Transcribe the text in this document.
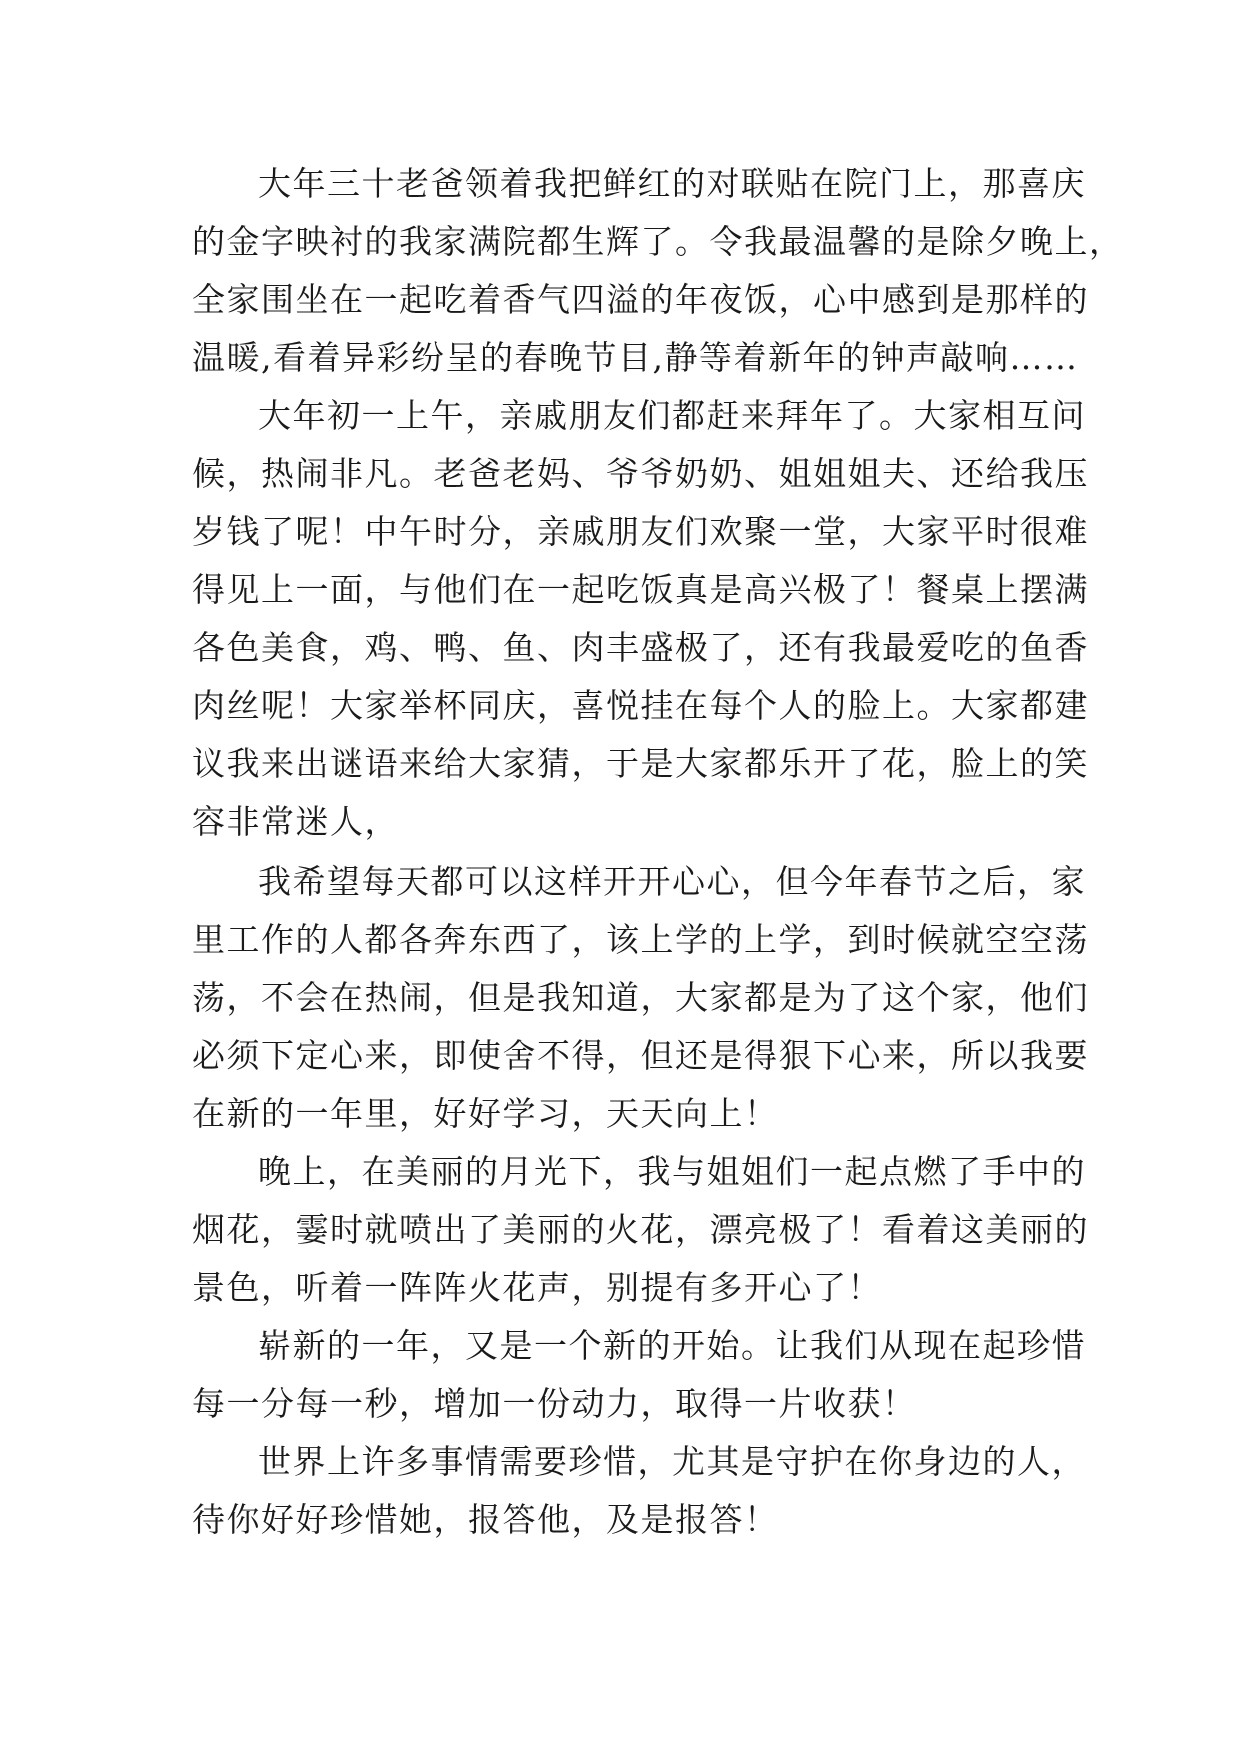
大年三十老爸领着我把鲜红的对联贴在院门上，那喜庆
的金字映衬的我家满院都生辉了。令我最温馨的是除夕晚上，
全家围坐在一起吃着香气四溢的年夜饭，心中感到是那样的
温暖,看着异彩纷呈的春晚节目,静等着新年的钟声敲响……
大年初一上午，亲戚朋友们都赶来拜年了。大家相互问
候，热闹非凡。老爸老妈、爷爷奶奶、姐姐姐夫、还给我压
岁钱了呢！中午时分，亲戚朋友们欢聚一堂，大家平时很难
得见上一面，与他们在一起吃饭真是高兴极了！餐桌上摆满
各色美食，鸡、鸭、鱼、肉丰盛极了，还有我最爱吃的鱼香
肉丝呢！大家举杯同庆，喜悦挂在每个人的脸上。大家都建
议我来出谜语来给大家猜，于是大家都乐开了花，脸上的笑
容非常迷人，
我希望每天都可以这样开开心心，但今年春节之后，家
里工作的人都各奔东西了，该上学的上学，到时候就空空荡
荡，不会在热闹，但是我知道，大家都是为了这个家，他们
必须下定心来，即使舍不得，但还是得狠下心来，所以我要
在新的一年里，好好学习，天天向上！
晚上，在美丽的月光下，我与姐姐们一起点燃了手中的
烟花，霎时就喷出了美丽的火花，漂亮极了！看着这美丽的
景色，听着一阵阵火花声，别提有多开心了！
崭新的一年，又是一个新的开始。让我们从现在起珍惜
每一分每一秒，增加一份动力，取得一片收获！
世界上许多事情需要珍惜，尤其是守护在你身边的人，
待你好好珍惜她，报答他，及是报答！
